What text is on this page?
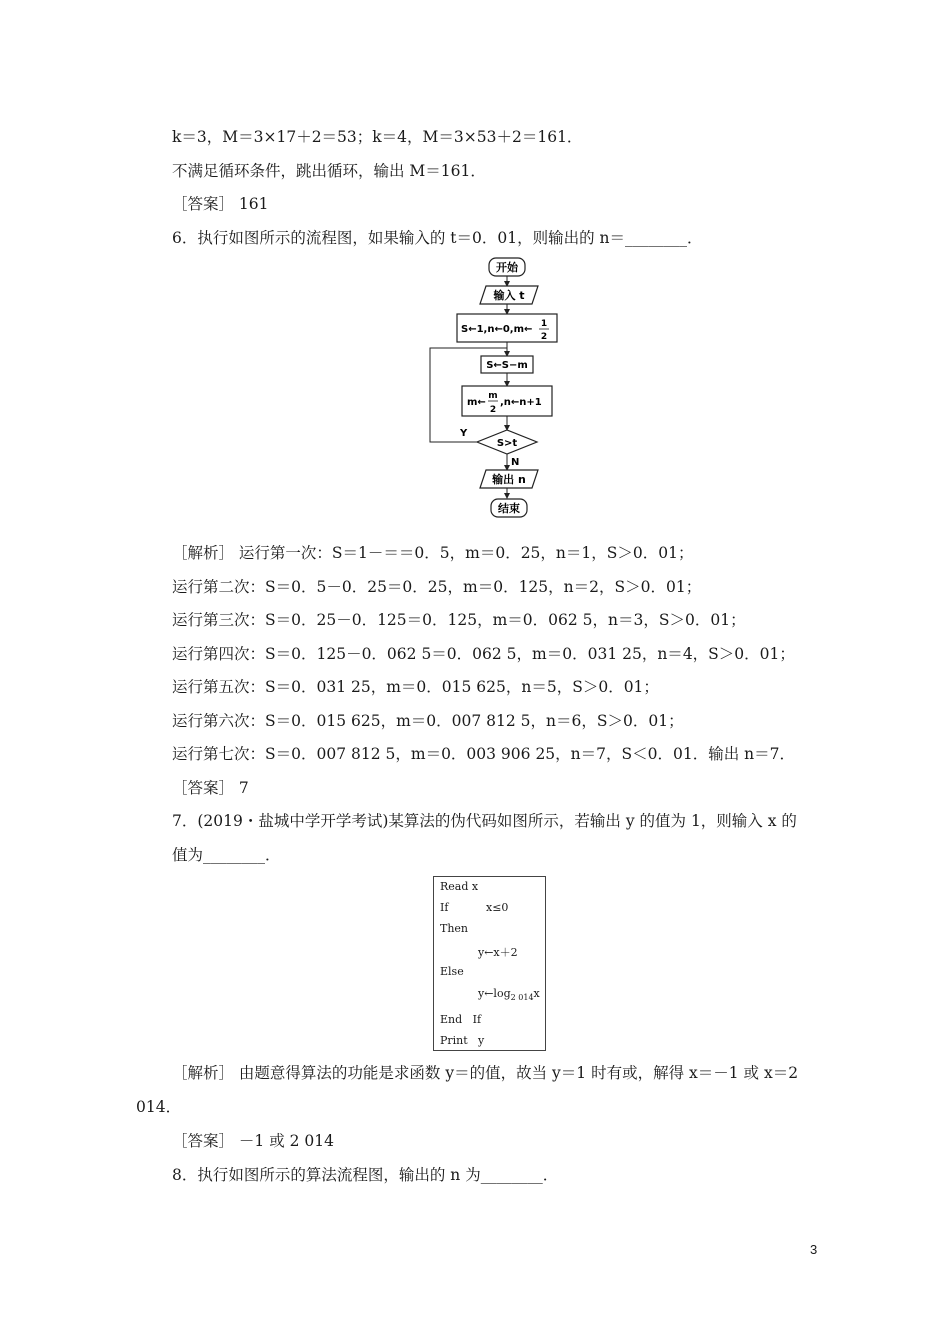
k＝3，M＝3×17＋2＝53；k＝4，M＝3×53＋2＝161．
不满足循环条件，跳出循环，输出 M＝161．
［答案］ 161
6．执行如图所示的流程图，如果输入的 t＝0．01，则输出的 n＝________．
开始
输入 t
S←1,n←0,m← 1
2
S←S−m
m←
m
2
,n←n+1
S>t
Y
N
输出 n
结束
［解析］ 运行第一次：S＝1－＝＝0．5，m＝0．25，n＝1，S＞0．01；
运行第二次：S＝0．5－0．25＝0．25，m＝0．125，n＝2，S＞0．01；
运行第三次：S＝0．25－0．125＝0．125，m＝0．062 5，n＝3，S＞0．01；
运行第四次：S＝0．125－0．062 5＝0．062 5，m＝0．031 25，n＝4，S＞0．01；
运行第五次：S＝0．031 25，m＝0．015 625，n＝5，S＞0．01；
运行第六次：S＝0．015 625，m＝0．007 812 5，n＝6，S＞0．01；
运行第七次：S＝0．007 812 5，m＝0．003 906 25，n＝7，S＜0．01．输出 n＝7．
［答案］ 7
7．(2019・盐城中学开学考试)某算法的伪代码如图所示，若输出 y 的值为 1，则输入 x 的
值为________．
Read x
If	x≤0
Then
y←x＋2
Else
$y\leftarrow\log_{2 014}x$
End   If
Print y
［解析］ 由题意得算法的功能是求函数 y＝的值，故当 y＝1 时有或，解得 x＝－1 或 x＝2
014．
［答案］ －1 或 2 014
8．执行如图所示的算法流程图，输出的 n 为________．
3
